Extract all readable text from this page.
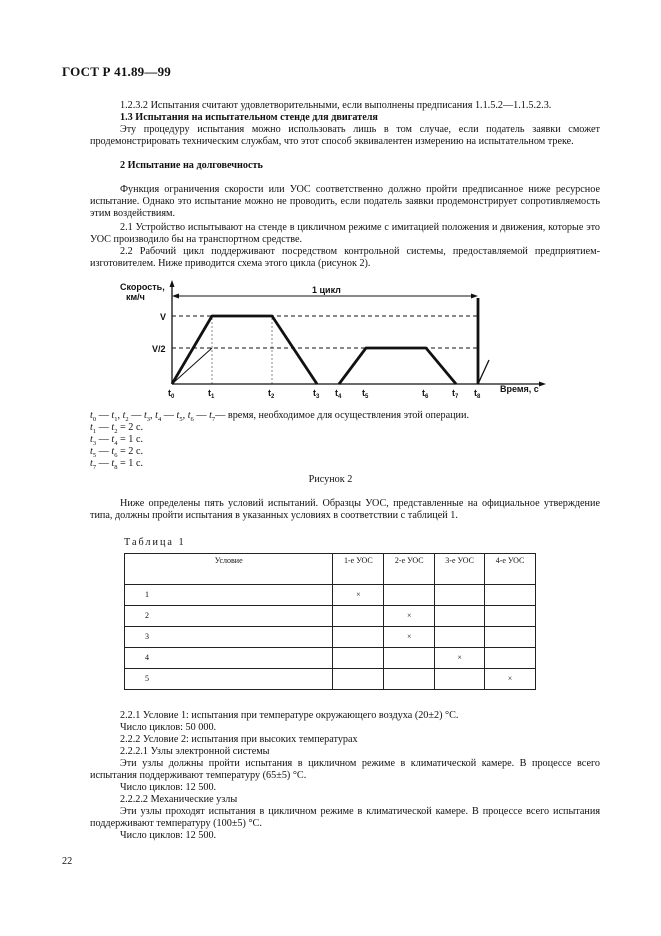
ГОСТ Р 41.89—99
1.2.3.2 Испытания считают удовлетворительными, если выполнены предписания 1.1.5.2—1.1.5.2.3.
1.3 Испытания на испытательном стенде для двигателя
Эту процедуру испытания можно использовать лишь в том случае, если податель заявки сможет продемонстрировать техническим службам, что этот способ эквивалентен измерению на испытательном треке.
2 Испытание на долговечность
Функция ограничения скорости или УОС соответственно должно пройти предписанное ниже ресурсное испытание. Однако это испытание можно не проводить, если податель заявки продемонстрирует сопротивляемость этим воздействиям.
2.1 Устройство испытывают на стенде в цикличном режиме с имитацией положения и движения, которые это УОС производило бы на транспортном средстве.
2.2 Рабочий цикл поддерживают посредством контрольной системы, предоставляемой предприятием-изготовителем. Ниже приводится схема этого цикла (рисунок 2).
Скорость,
км/ч
V
V/2
1 цикл
$t_0$	$t_1$	$t_2$	$t_3$ $t_4$ $t_5$	$t_6$	$t_7$ $t_8$
Время, с
$t_0$ — $t_1$, $t_2$ — $t_3$, $t_4$ — $t_5$, $t_6$ — $t_7—$ время, необходимое для осуществления этой операции.
$t_1$ — $t_2 = 2$ с.
$t_3$ — $t_4 = 1$ с.
$t_5$ — $t_6 = 2$ с.
$t_7$ — $t_8 = 1$ с.
Рисунок 2
Ниже определены пять условий испытаний. Образцы УОС, представленные на официальное утверждение типа, должны пройти испытания в указанных условиях в соответствии с таблицей 1.
Таблица 1
Условие	1-е УОС	2-е УОС	3-е УОС	4-е УОС
1	×			
2		×		
3		×		
4			×	
5				×
2.2.1 Условие 1: испытания при температуре окружающего воздуха (20±2) °С.
Число циклов: 50 000.
2.2.2 Условие 2: испытания при высоких температурах
2.2.2.1 Узлы электронной системы
Эти узлы должны пройти испытания в цикличном режиме в климатической камере. В процессе всего испытания поддерживают температуру (65±5) °С.
Число циклов: 12 500.
2.2.2.2 Механические узлы
Эти узлы проходят испытания в цикличном режиме в климатической камере. В процессе всего испытания поддерживают температуру (100±5) °С.
Число циклов: 12 500.
22
